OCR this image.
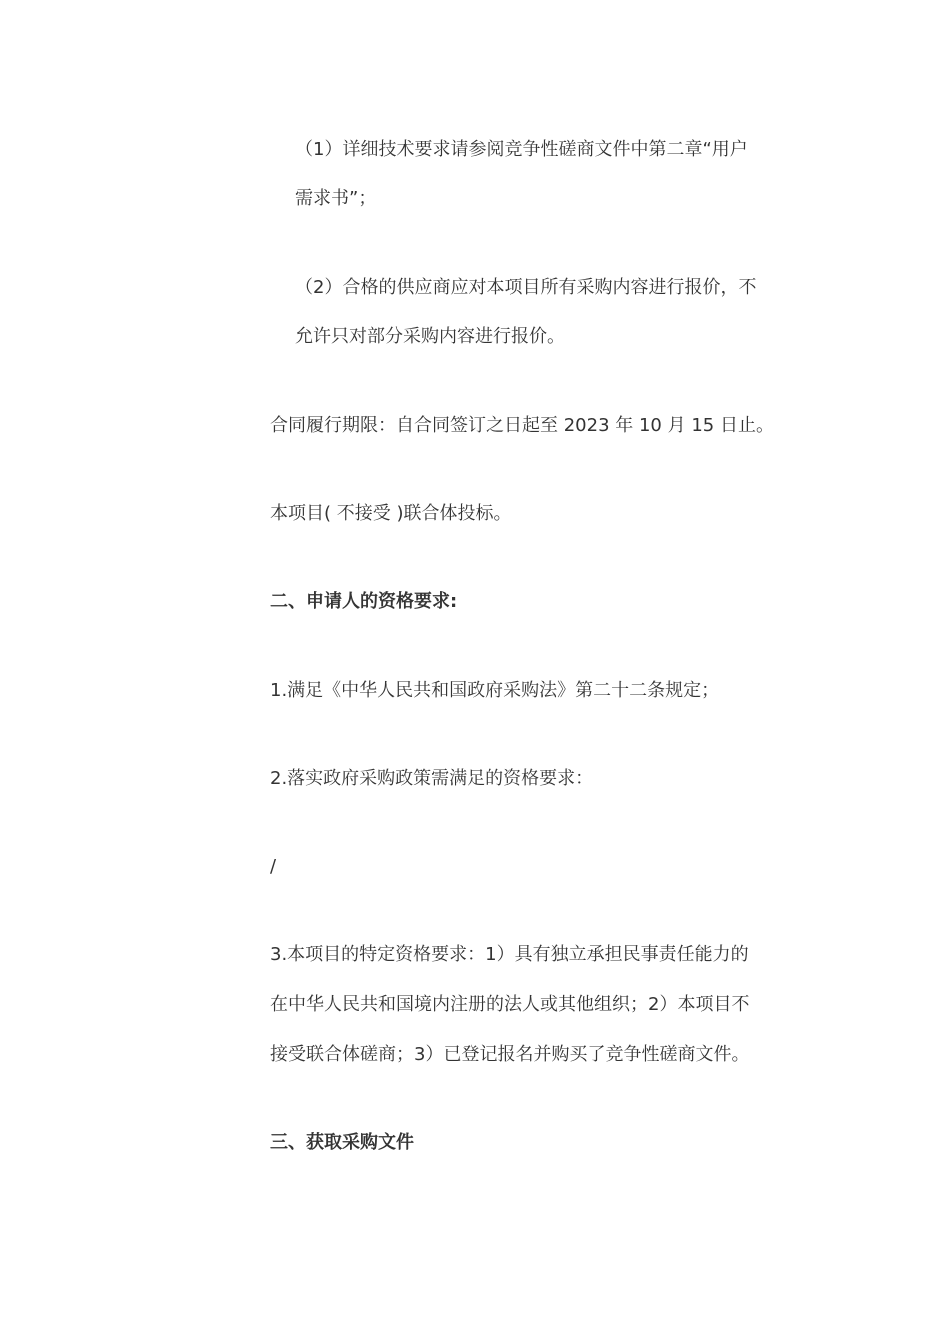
（1）详细技术要求请参阅竞争性磋商文件中第二章“用户

需求书”；

（2）合格的供应商应对本项目所有采购内容进行报价，不

允许只对部分采购内容进行报价。

合同履行期限：自合同签订之日起至 2023 年 10 月 15 日止。

本项目( 不接受 )联合体投标。

二、申请人的资格要求:

1.满足《中华人民共和国政府采购法》第二十二条规定；

2.落实政府采购政策需满足的资格要求：

/

3.本项目的特定资格要求：1）具有独立承担民事责任能力的

在中华人民共和国境内注册的法人或其他组织；2）本项目不

接受联合体磋商；3）已登记报名并购买了竞争性磋商文件。

三、获取采购文件
